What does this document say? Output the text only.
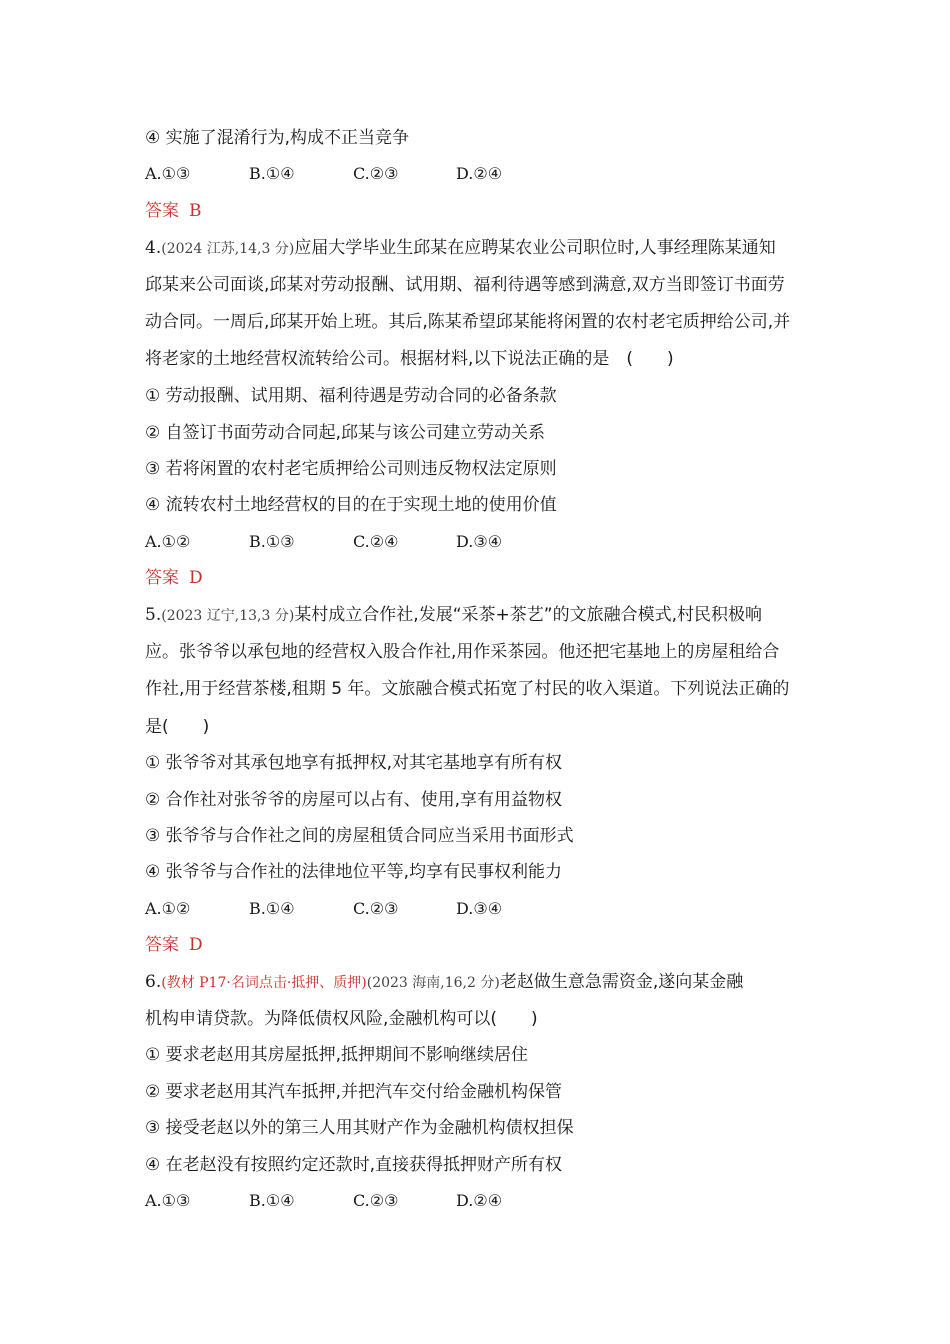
④ 实施了混淆行为,构成不正当竞争
A.①③	B.①④	C.②③	D.②④
答案 B
4.(2024 江苏,14,3 分)应届大学毕业生邱某在应聘某农业公司职位时,人事经理陈某通知
邱某来公司面谈,邱某对劳动报酬、试用期、福利待遇等感到满意,双方当即签订书面劳
动合同。一周后,邱某开始上班。其后,陈某希望邱某能将闲置的农村老宅质押给公司,并
将老家的土地经营权流转给公司。根据材料,以下说法正确的是　(　　)
① 劳动报酬、试用期、福利待遇是劳动合同的必备条款
② 自签订书面劳动合同起,邱某与该公司建立劳动关系
③ 若将闲置的农村老宅质押给公司则违反物权法定原则
④ 流转农村土地经营权的目的在于实现土地的使用价值
A.①②	B.①③	C.②④	D.③④
答案 D
5.(2023 辽宁,13,3 分)某村成立合作社,发展“采茶+茶艺”的文旅融合模式,村民积极响
应。张爷爷以承包地的经营权入股合作社,用作采茶园。他还把宅基地上的房屋租给合
作社,用于经营茶楼,租期 5 年。文旅融合模式拓宽了村民的收入渠道。下列说法正确的
是(　　)
① 张爷爷对其承包地享有抵押权,对其宅基地享有所有权
② 合作社对张爷爷的房屋可以占有、使用,享有用益物权
③ 张爷爷与合作社之间的房屋租赁合同应当采用书面形式
④ 张爷爷与合作社的法律地位平等,均享有民事权利能力
A.①②	B.①④	C.②③	D.③④
答案 D
6.(教材 P17·名词点击·抵押、质押)(2023 海南,16,2 分)老赵做生意急需资金,遂向某金融
机构申请贷款。为降低债权风险,金融机构可以(　　)
① 要求老赵用其房屋抵押,抵押期间不影响继续居住
② 要求老赵用其汽车抵押,并把汽车交付给金融机构保管
③ 接受老赵以外的第三人用其财产作为金融机构债权担保
④ 在老赵没有按照约定还款时,直接获得抵押财产所有权
A.①③	B.①④	C.②③	D.②④
